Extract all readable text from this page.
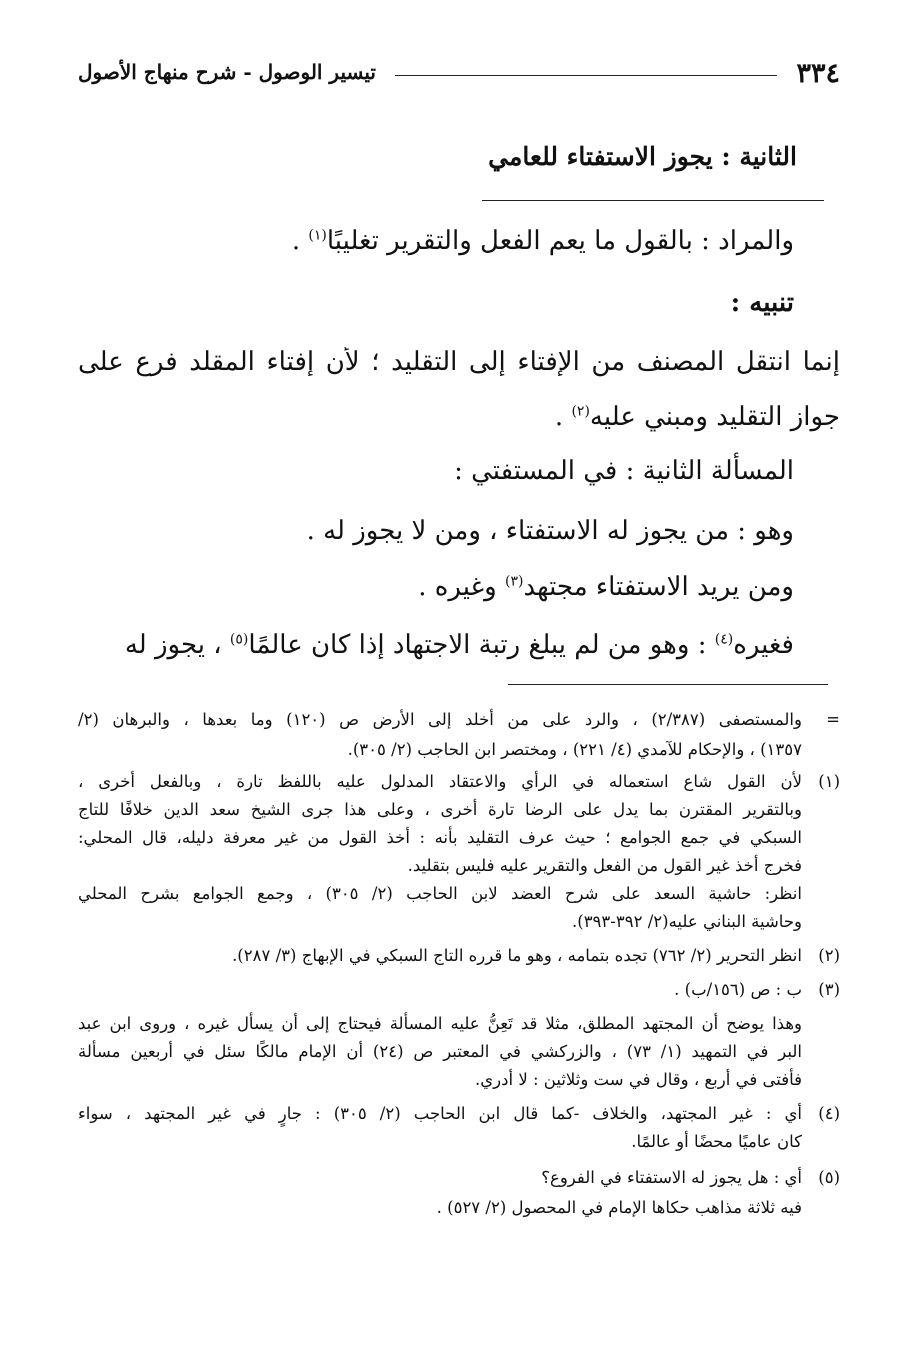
٣٣٤
تيسير الوصول - شرح منهاج الأصول
الثانية : يجوز الاستفتاء للعامي
والمراد : بالقول ما يعم الفعل والتقرير تغليبًا$^{(١)}$ .
تنبيه :
إنما انتقل المصنف من الإفتاء إلى التقليد ؛ لأن إفتاء المقلد فرع على
جواز التقليد ومبني عليه$^{(٢)}$ .
المسألة الثانية : في المستفتي :
وهو : من يجوز له الاستفتاء ، ومن لا يجوز له .
ومن يريد الاستفتاء مجتهد$^{(٣)}$ وغيره .
فغيره$^{(٤)}$ : وهو من لم يبلغ رتبة الاجتهاد إذا كان عالمًا$^{(٥)}$ ، يجوز له
=
والمستصفى (٢/٣٨٧) ، والرد على من أخلد إلى الأرض ص (١٢٠) وما بعدها ، والبرهان (٢/
١٣٥٧) ، والإحكام للآمدي (٤/ ٢٢١) ، ومختصر ابن الحاجب (٢/ ٣٠٥).
(١)
لأن القول شاع استعماله في الرأي والاعتقاد المدلول عليه باللفظ تارة ، وبالفعل أخرى ،
وبالتقرير المقترن بما يدل على الرضا تارة أخرى ، وعلى هذا جرى الشيخ سعد الدين خلافًا للتاج
السبكي في جمع الجوامع ؛ حيث عرف التقليد بأنه : أخذ القول من غير معرفة دليله، قال المحلي:
فخرج أخذ غير القول من الفعل والتقرير عليه فليس بتقليد.
انظر: حاشية السعد على شرح العضد لابن الحاجب (٢/ ٣٠٥) ، وجمع الجوامع بشرح المحلي
وحاشية البناني عليه(٢/ ٣٩٢-٣٩٣).
(٢)
انظر التحرير (٢/ ٧٦٢) تجده بتمامه ، وهو ما قرره التاج السبكي في الإبهاج (٣/ ٢٨٧).
(٣)
ب : ص (١٥٦/ب) .
وهذا يوضح أن المجتهد المطلق، مثلا قد تَعِنُّ عليه المسألة فيحتاج إلى أن يسأل غيره ، وروى ابن عبد
البر في التمهيد (١/ ٧٣) ، والزركشي في المعتبر ص (٢٤) أن الإمام مالكًا سئل في أربعين مسألة
فأفتى في أربع ، وقال في ست وثلاثين : لا أدري.
(٤)
أي : غير المجتهد، والخلاف -كما قال ابن الحاجب (٢/ ٣٠٥) : جارٍ في غير المجتهد ، سواء
كان عاميًا محضًا أو عالمًا.
(٥)
أي : هل يجوز له الاستفتاء في الفروع؟
فيه ثلاثة مذاهب حكاها الإمام في المحصول (٢/ ٥٢٧) .
